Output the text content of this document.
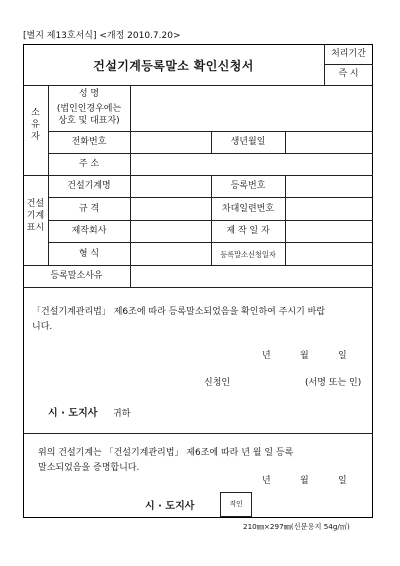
[별지 제13호서식] <개정 2010.7.20>
건설기계등록말소 확인신청서
처리기간
즉 시
소
유
자
성 명
(법인인경우에는
상호 및 대표자)
전화번호	생년월일
주 소
건설
기계
표시
건설기계명	등록번호
규 격	차대일련번호
제작회사	제 작 일 자
형 식	등록말소신청일자
등록말소사유
「건설기계관리법」 제6조에 따라 등록말소되었음을 확인하여 주시기 바랍
니다.
년	월	일
신청인	(서명 또는 인)
시 · 도지사 귀하
위의 건설기계는 「건설기계관리법」 제6조에 따라 년 월 일 등록
말소되었음을 증명합니다.
년	월	일
시 · 도지사	직인
210㎜×297㎜(신문용지 54g/㎡)
